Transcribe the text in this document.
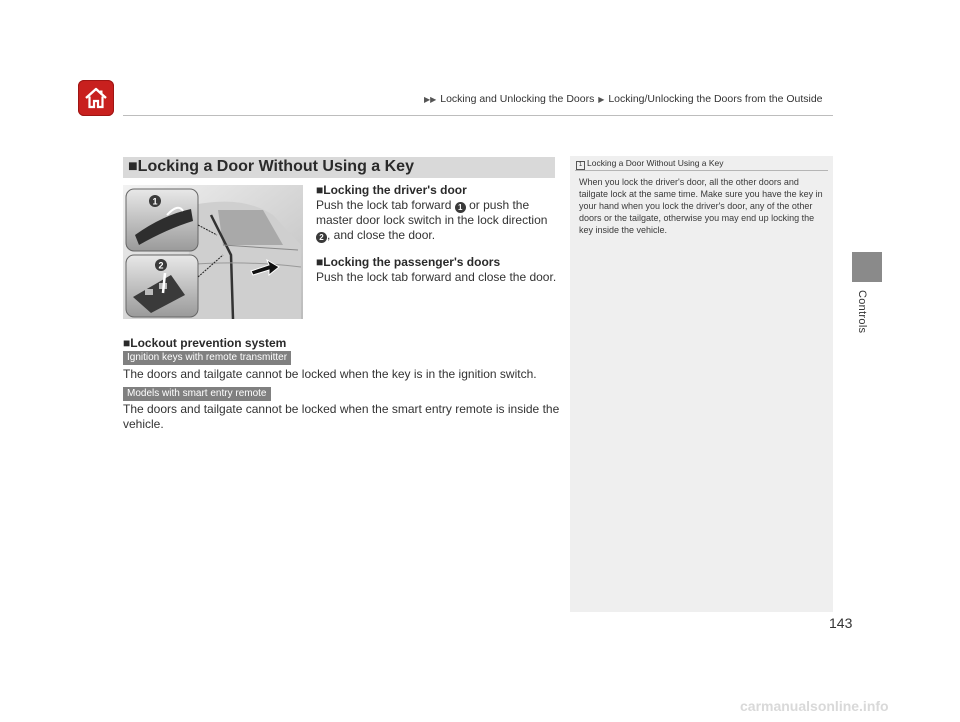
▶▶ Locking and Unlocking the Doors ▶ Locking/Unlocking the Doors from the Outside
Controls
■Locking a Door Without Using a Key
1
2
■Locking the driver's door
Push the lock tab forward 1 or push the
master door lock switch in the lock direction
2 , and close the door.
■Locking the passenger's doors
Push the lock tab forward and close the door.
■Lockout prevention system
Ignition keys with remote transmitter
The doors and tailgate cannot be locked when the key is in the ignition switch.
Models with smart entry remote
The doors and tailgate cannot be locked when the smart entry remote is inside the
vehicle.
1 Locking a Door Without Using a Key
When you lock the driver's door, all the other doors and tailgate lock at the same time. Make sure you have the key in your hand when you lock the driver's door, any of the other doors or the tailgate, otherwise you may end up locking the key inside the vehicle.
143
carmanualsonline.info
